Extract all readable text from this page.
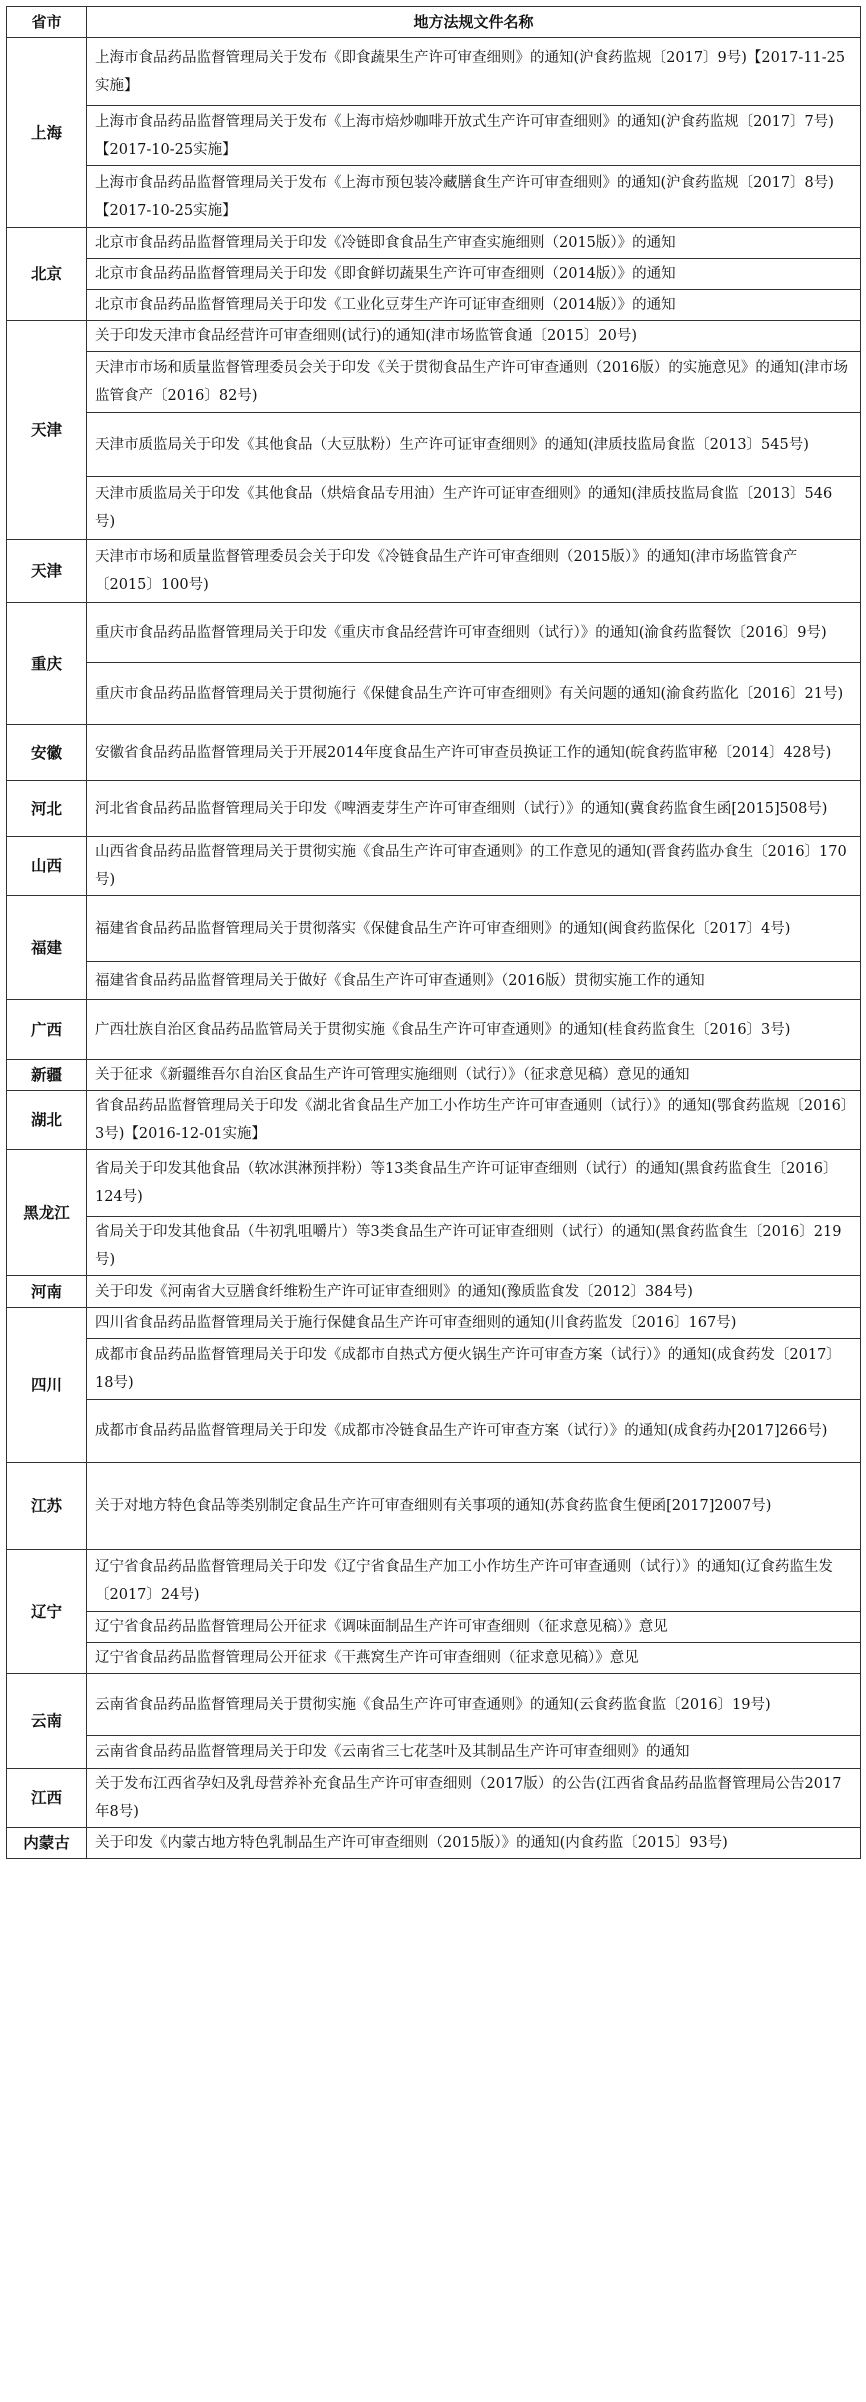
省市	地方法规文件名称
上海	上海市食品药品监督管理局关于发布《即食蔬果生产许可审查细则》的通知(沪食药监规〔2017〕9号)【2017-11-25实施】
	上海市食品药品监督管理局关于发布《上海市焙炒咖啡开放式生产许可审查细则》的通知(沪食药监规〔2017〕7号)【2017-10-25实施】
	上海市食品药品监督管理局关于发布《上海市预包装冷藏膳食生产许可审查细则》的通知(沪食药监规〔2017〕8号)【2017-10-25实施】
北京	北京市食品药品监督管理局关于印发《冷链即食食品生产审查实施细则（2015版）》的通知
	北京市食品药品监督管理局关于印发《即食鲜切蔬果生产许可审查细则（2014版）》的通知
	北京市食品药品监督管理局关于印发《工业化豆芽生产许可证审查细则（2014版）》的通知
天津	关于印发天津市食品经营许可审查细则(试行)的通知(津市场监管食通〔2015〕20号)
	天津市市场和质量监督管理委员会关于印发《关于贯彻食品生产许可审查通则（2016版）的实施意见》的通知(津市场监管食产〔2016〕82号)
	天津市质监局关于印发《其他食品（大豆肽粉）生产许可证审查细则》的通知(津质技监局食监〔2013〕545号)
	天津市质监局关于印发《其他食品（烘焙食品专用油）生产许可证审查细则》的通知(津质技监局食监〔2013〕546号)
天津	天津市市场和质量监督管理委员会关于印发《冷链食品生产许可审查细则（2015版）》的通知(津市场监管食产〔2015〕100号)
重庆	重庆市食品药品监督管理局关于印发《重庆市食品经营许可审查细则（试行）》的通知(渝食药监餐饮〔2016〕9号)
	重庆市食品药品监督管理局关于贯彻施行《保健食品生产许可审查细则》有关问题的通知(渝食药监化〔2016〕21号)
安徽	安徽省食品药品监督管理局关于开展2014年度食品生产许可审查员换证工作的通知(皖食药监审秘〔2014〕428号)
河北	河北省食品药品监督管理局关于印发《啤酒麦芽生产许可审查细则（试行）》的通知(冀食药监食生函[2015]508号)
山西	山西省食品药品监督管理局关于贯彻实施《食品生产许可审查通则》的工作意见的通知(晋食药监办食生〔2016〕170号)
福建	福建省食品药品监督管理局关于贯彻落实《保健食品生产许可审查细则》的通知(闽食药监保化〔2017〕4号)
	福建省食品药品监督管理局关于做好《食品生产许可审查通则》（2016版）贯彻实施工作的通知
广西	广西壮族自治区食品药品监管局关于贯彻实施《食品生产许可审查通则》的通知(桂食药监食生〔2016〕3号)
新疆	关于征求《新疆维吾尔自治区食品生产许可管理实施细则（试行）》（征求意见稿）意见的通知
湖北	省食品药品监督管理局关于印发《湖北省食品生产加工小作坊生产许可审查通则（试行）》的通知(鄂食药监规〔2016〕3号)【2016-12-01实施】
黑龙江	省局关于印发其他食品（软冰淇淋预拌粉）等13类食品生产许可证审查细则（试行）的通知(黑食药监食生〔2016〕124号)
	省局关于印发其他食品（牛初乳咀嚼片）等3类食品生产许可证审查细则（试行）的通知(黑食药监食生〔2016〕219号)
河南	关于印发《河南省大豆膳食纤维粉生产许可证审查细则》的通知(豫质监食发〔2012〕384号)
四川	四川省食品药品监督管理局关于施行保健食品生产许可审查细则的通知(川食药监发〔2016〕167号)
	成都市食品药品监督管理局关于印发《成都市自热式方便火锅生产许可审查方案（试行）》的通知(成食药发〔2017〕18号)
	成都市食品药品监督管理局关于印发《成都市冷链食品生产许可审查方案（试行）》的通知(成食药办[2017]266号)
江苏	关于对地方特色食品等类别制定食品生产许可审查细则有关事项的通知(苏食药监食生便函[2017]2007号)
辽宁	辽宁省食品药品监督管理局关于印发《辽宁省食品生产加工小作坊生产许可审查通则（试行）》的通知(辽食药监生发〔2017〕24号)
	辽宁省食品药品监督管理局公开征求《调味面制品生产许可审查细则（征求意见稿）》意见
	辽宁省食品药品监督管理局公开征求《干燕窝生产许可审查细则（征求意见稿）》意见
云南	云南省食品药品监督管理局关于贯彻实施《食品生产许可审查通则》的通知(云食药监食监〔2016〕19号)
	云南省食品药品监督管理局关于印发《云南省三七花茎叶及其制品生产许可审查细则》的通知
江西	关于发布江西省孕妇及乳母营养补充食品生产许可审查细则（2017版）的公告(江西省食品药品监督管理局公告2017年8号)
内蒙古	关于印发《内蒙古地方特色乳制品生产许可审查细则（2015版）》的通知(内食药监〔2015〕93号)
